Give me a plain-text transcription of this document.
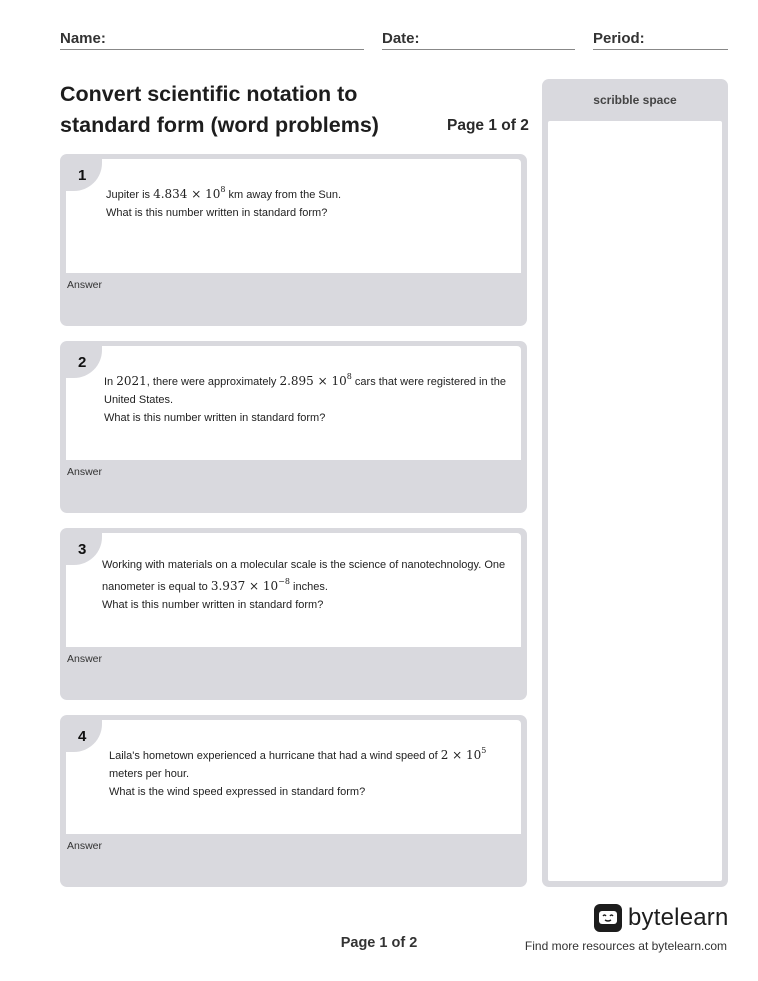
Name:	Date:	Period:
Convert scientific notation to standard form (word problems)	Page 1 of 2
1
Jupiter is $4.834 \times 10^8$ km away from the Sun.
What is this number written in standard form?
Answer
2
In 2021, there were approximately $2.895 \times 10^8$ cars that were registered in the
United States.
What is this number written in standard form?
Answer
3
Working with materials on a molecular scale is the science of nanotechnology. One
nanometer is equal to $3.937 \times 10^{-8}$ inches.
What is this number written in standard form?
Answer
4
Laila's hometown experienced a hurricane that had a wind speed of $2 \times 10^5$
meters per hour.
What is the wind speed expressed in standard form?
Answer
scribble space
Page 1 of 2
bytelearn
Find more resources at bytelearn.com
